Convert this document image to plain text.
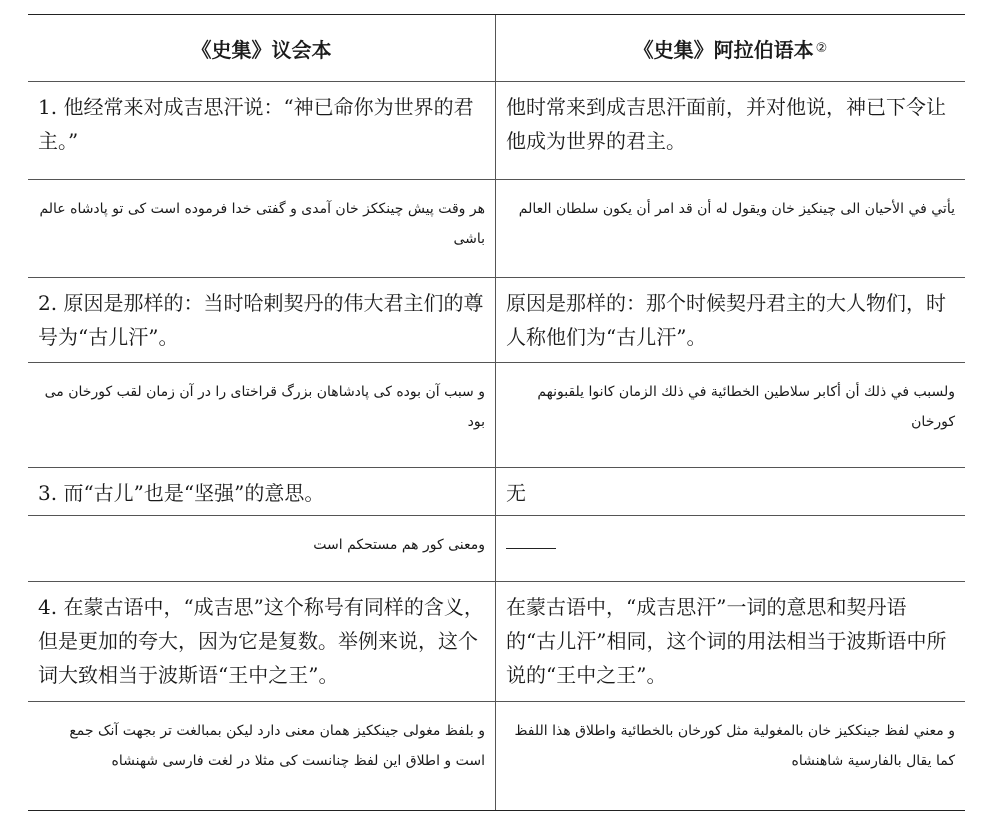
《史集》议会本	《史集》阿拉伯语本 ②
1. 他经常来对成吉思汗说：“神已命你为世界的君主。”
他时常来到成吉思汗面前，并对他说，神已下令让他成为世界的君主。
هر وقت پیش چینککز خان آمدی و گفتی خدا فرموده است کی تو پادشاه عالم باشی
يأتي في الأحيان الى چينكيز خان ويقول له أن قد امر أن يكون سلطان العالم
2. 原因是那样的：当时哈剌契丹的伟大君主们的尊号为“古儿汗”。
原因是那样的：那个时候契丹君主的大人物们，时人称他们为“古儿汗”。
و سبب آن بوده کی پادشاهان بزرگ قراختای را در آن زمان لقب کورخان می بود
ولسبب في ذلك أن أكابر سلاطين الخطائية في ذلك الزمان كانوا يلقبونهم كورخان
3. 而“古儿”也是“坚强”的意思。	无
ومعنی کور هم مستحکم است
4. 在蒙古语中，“成吉思”这个称号有同样的含义，但是更加的夸大，因为它是复数。举例来说，这个词大致相当于波斯语“王中之王”。
在蒙古语中，“成吉思汗”一词的意思和契丹语的“古儿汗”相同，这个词的用法相当于波斯语中所说的“王中之王”。
و بلفظ مغولی جینککیز همان معنی دارد لیکن بمبالغت تر بجهت آنک جمع است و اطلاق این لفظ چنانست کی مثلا در لغت فارسی شهنشاه
و معني لفظ جينككيز خان بالمغولية مثل كورخان بالخطائية واطلاق هذا اللفظ كما يقال بالفارسية شاهنشاه
